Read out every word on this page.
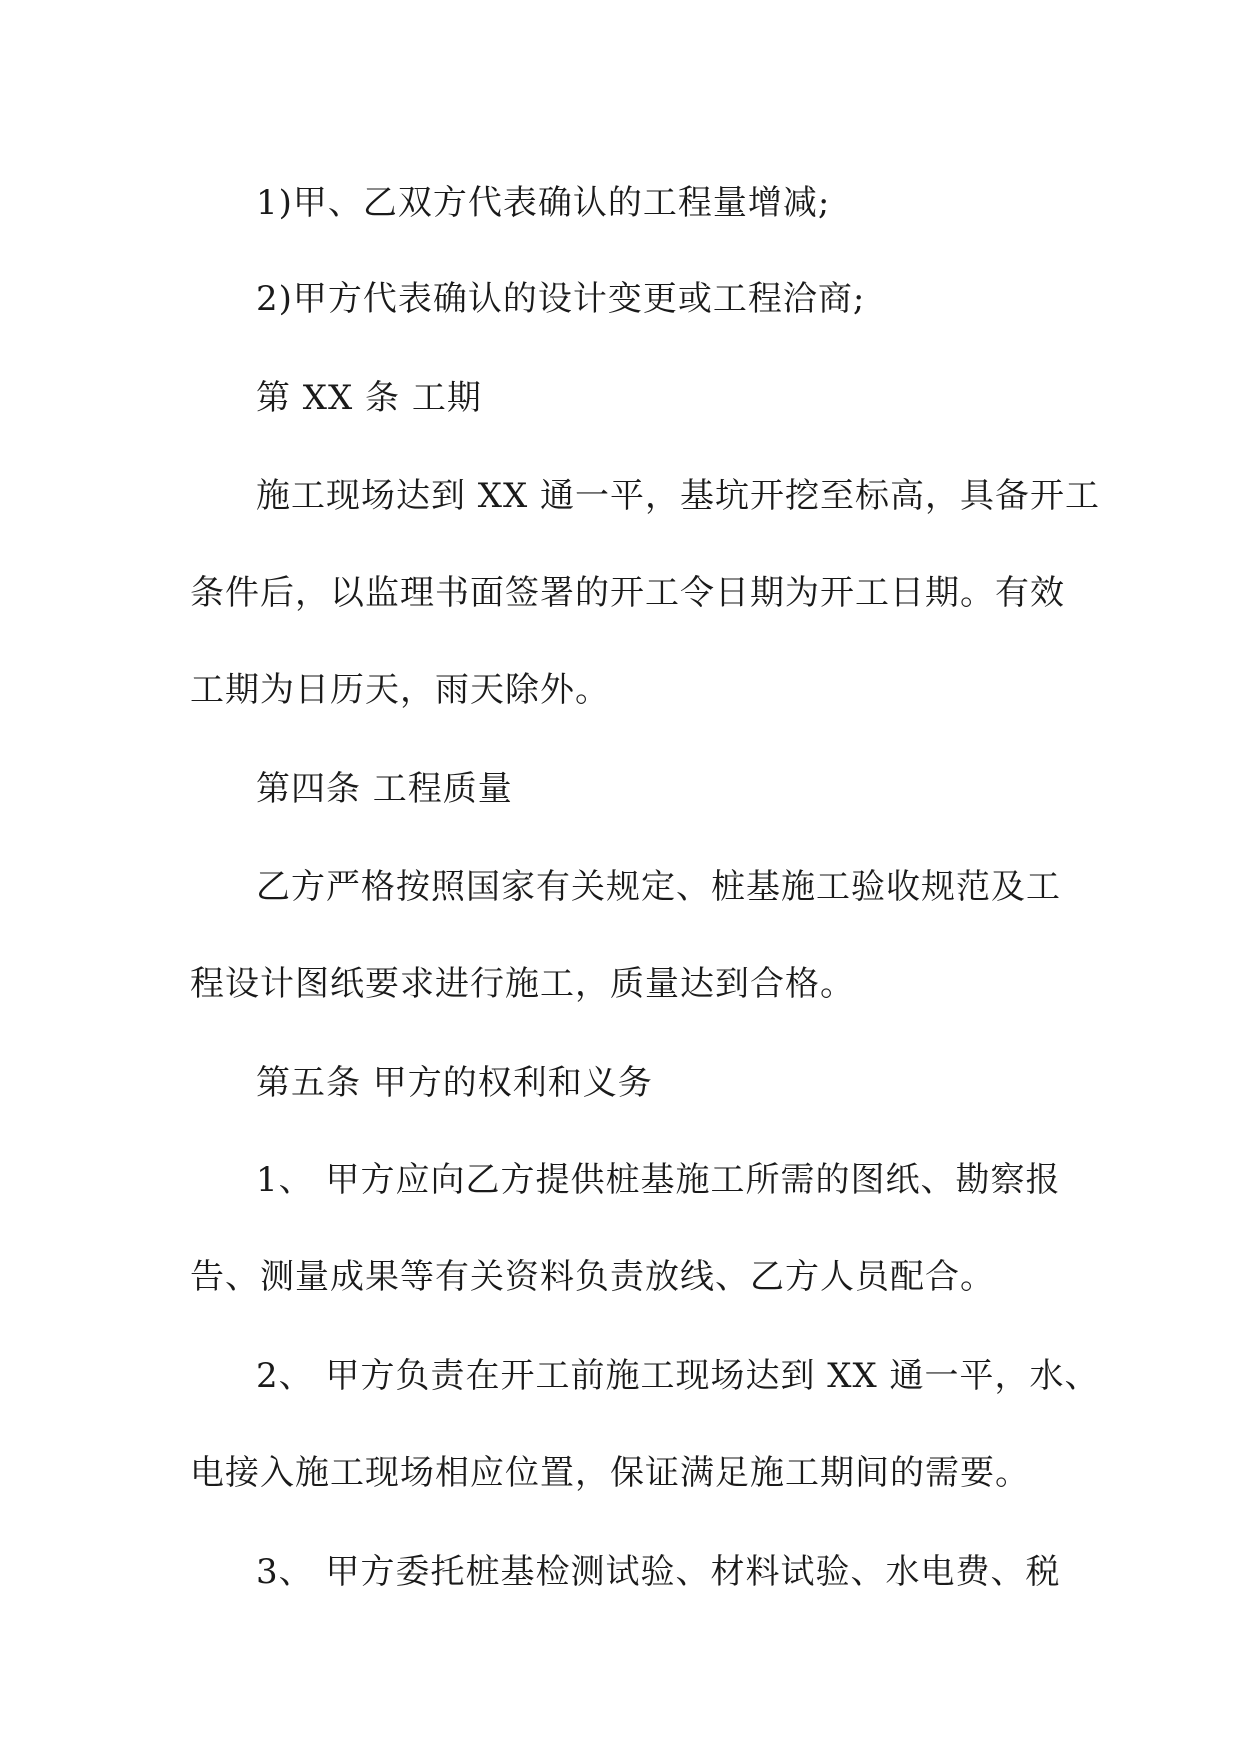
1)甲、乙双方代表确认的工程量增减;
2)甲方代表确认的设计变更或工程洽商;
第 XX 条 工期
施工现场达到 XX 通一平，基坑开挖至标高，具备开工
条件后，以监理书面签署的开工令日期为开工日期。有效
工期为日历天，雨天除外。
第四条 工程质量
乙方严格按照国家有关规定、桩基施工验收规范及工
程设计图纸要求进行施工，质量达到合格。
第五条 甲方的权利和义务
1、 甲方应向乙方提供桩基施工所需的图纸、勘察报
告、测量成果等有关资料负责放线、乙方人员配合。
2、 甲方负责在开工前施工现场达到 XX 通一平，水、
电接入施工现场相应位置，保证满足施工期间的需要。
3、 甲方委托桩基检测试验、材料试验、水电费、税
